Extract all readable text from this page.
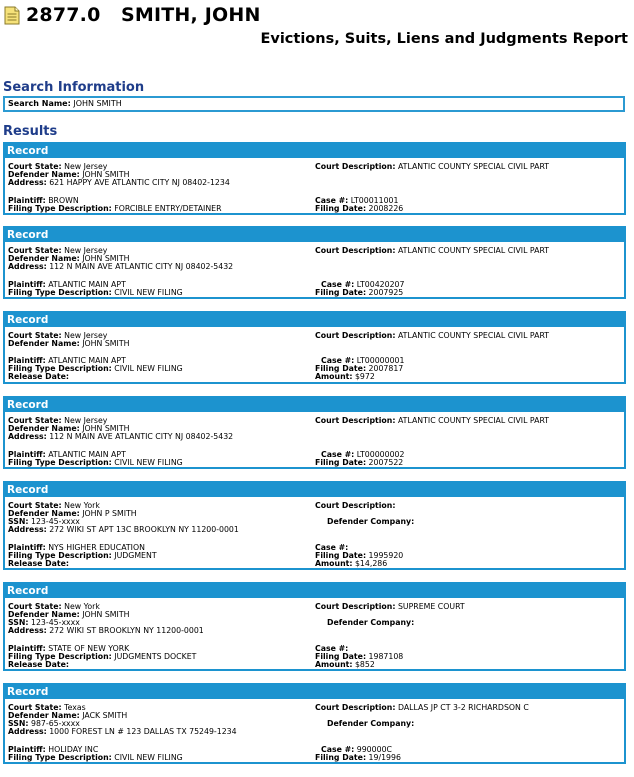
2877.0   SMITH, JOHN
Evictions, Suits, Liens and Judgments Report
Search Information
Search Name: JOHN SMITH
Results
Record
Court State: New Jersey
Defender Name: JOHN SMITH
Address: 621 HAPPY AVE ATLANTIC CITY NJ 08402-1234
Plaintiff: BROWN
Filing Type Description: FORCIBLE ENTRY/DETAINER
Court Description: ATLANTIC COUNTY SPECIAL CIVIL PART
Case #: LT00011001
Filing Date: 2008226
Record
Court State: New Jersey
Defender Name: JOHN SMITH
Address: 112 N MAIN AVE ATLANTIC CITY NJ 08402-5432
Plaintiff: ATLANTIC MAIN APT
Filing Type Description: CIVIL NEW FILING
Court Description: ATLANTIC COUNTY SPECIAL CIVIL PART
Case #: LT00420207
Filing Date: 2007925
Record
Court State: New Jersey
Defender Name: JOHN SMITH
Plaintiff: ATLANTIC MAIN APT
Filing Type Description: CIVIL NEW FILING
Release Date:
Court Description: ATLANTIC COUNTY SPECIAL CIVIL PART
Case #: LT00000001
Filing Date: 2007817
Amount: $972
Record
Court State: New Jersey
Defender Name: JOHN SMITH
Address: 112 N MAIN AVE ATLANTIC CITY NJ 08402-5432
Plaintiff: ATLANTIC MAIN APT
Filing Type Description: CIVIL NEW FILING
Court Description: ATLANTIC COUNTY SPECIAL CIVIL PART
Case #: LT00000002
Filing Date: 2007522
Record
Court State: New York
Defender Name: JOHN P SMITH
SSN: 123-45-xxxx
Address: 272 WIKI ST APT 13C BROOKLYN NY 11200-0001
Plaintiff: NYS HIGHER EDUCATION
Filing Type Description: JUDGMENT
Release Date:
Court Description:
Defender Company:
Case #:
Filing Date: 1995920
Amount: $14,286
Record
Court State: New York
Defender Name: JOHN SMITH
SSN: 123-45-xxxx
Address: 272 WIKI ST BROOKLYN NY 11200-0001
Plaintiff: STATE OF NEW YORK
Filing Type Description: JUDGMENTS DOCKET
Release Date:
Court Description: SUPREME COURT
Defender Company:
Case #:
Filing Date: 1987108
Amount: $852
Record
Court State: Texas
Defender Name: JACK SMITH
SSN: 987-65-xxxx
Address: 1000 FOREST LN # 123 DALLAS TX 75249-1234
Plaintiff: HOLIDAY INC
Filing Type Description: CIVIL NEW FILING
Court Description: DALLAS JP CT 3-2 RICHARDSON C
Defender Company:
Case #: 990000C
Filing Date: 19/1996
